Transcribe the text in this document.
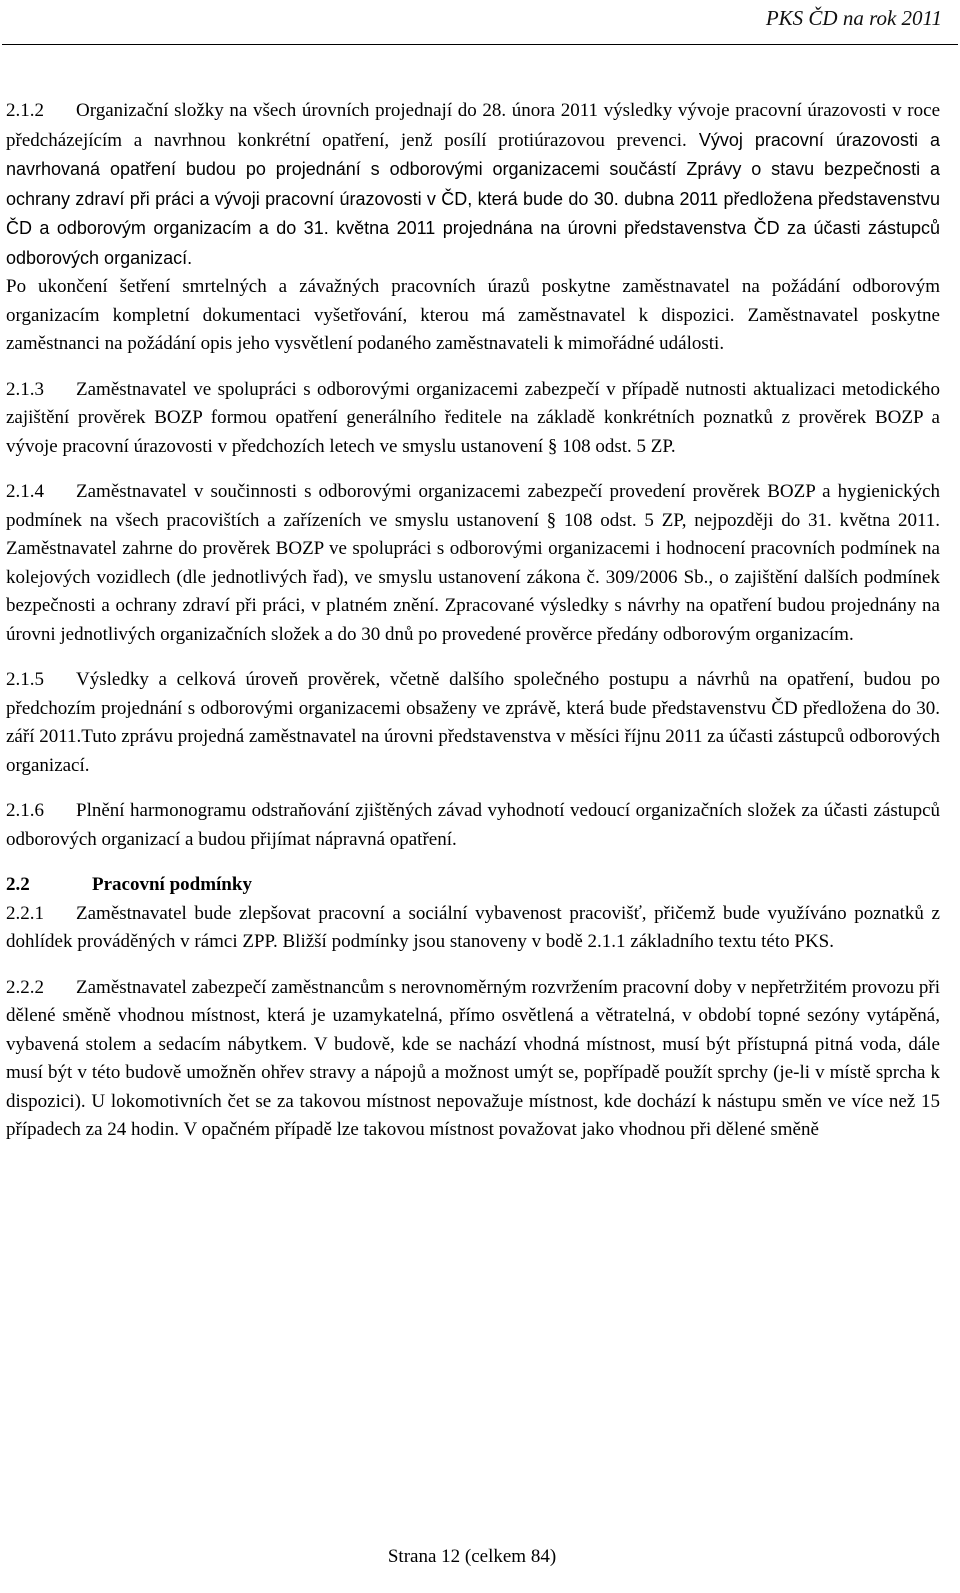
PKS ČD na rok 2011

2.1.2 Organizační složky na všech úrovních projednají do 28. února 2011 výsledky vývoje pracovní úrazovosti v roce předcházejícím a navrhnou konkrétní opatření, jenž posílí protiúrazovou prevenci. Vývoj pracovní úrazovosti a navrhovaná opatření budou po projednání s odborovými organizacemi součástí Zprávy o stavu bezpečnosti a ochrany zdraví při práci a vývoji pracovní úrazovosti v ČD, která bude do 30. dubna 2011 předložena představenstvu ČD a odborovým organizacím a do 31. května 2011 projednána na úrovni představenstva ČD za účasti zástupců odborových organizací.
Po ukončení šetření smrtelných a závažných pracovních úrazů poskytne zaměstnavatel na požádání odborovým organizacím kompletní dokumentaci vyšetřování, kterou má zaměstnavatel k dispozici. Zaměstnavatel poskytne zaměstnanci na požádání opis jeho vysvětlení podaného zaměstnavateli k mimořádné události.

2.1.3 Zaměstnavatel ve spolupráci s odborovými organizacemi zabezpečí v případě nutnosti aktualizaci metodického zajištění prověrek BOZP formou opatření generálního ředitele na základě konkrétních poznatků z prověrek BOZP a vývoje pracovní úrazovosti v předchozích letech ve smyslu ustanovení § 108 odst. 5 ZP.

2.1.4 Zaměstnavatel v součinnosti s odborovými organizacemi zabezpečí provedení prověrek BOZP a hygienických podmínek na všech pracovištích a zařízeních ve smyslu ustanovení § 108 odst. 5 ZP, nejpozději do 31. května 2011. Zaměstnavatel zahrne do prověrek BOZP ve spolupráci s odborovými organizacemi i hodnocení pracovních podmínek na kolejových vozidlech (dle jednotlivých řad), ve smyslu ustanovení zákona č. 309/2006 Sb., o zajištění dalších podmínek bezpečnosti a ochrany zdraví při práci, v platném znění. Zpracované výsledky s návrhy na opatření budou projednány na úrovni jednotlivých organizačních složek a do 30 dnů po provedené prověrce předány odborovým organizacím.

2.1.5 Výsledky a celková úroveň prověrek, včetně dalšího společného postupu a návrhů na opatření, budou po předchozím projednání s odborovými organizacemi obsaženy ve zprávě, která bude představenstvu ČD předložena do 30. září 2011.Tuto zprávu projedná zaměstnavatel na úrovni představenstva v měsíci říjnu 2011 za účasti zástupců odborových organizací.

2.1.6 Plnění harmonogramu odstraňování zjištěných závad vyhodnotí vedoucí organizačních složek za účasti zástupců odborových organizací a budou přijímat nápravná opatření.

2.2	Pracovní podmínky

2.2.1 Zaměstnavatel bude zlepšovat pracovní a sociální vybavenost pracovišť, přičemž bude využíváno poznatků z dohlídek prováděných v rámci ZPP. Bližší podmínky jsou stanoveny v bodě 2.1.1 základního textu této PKS.

2.2.2 Zaměstnavatel zabezpečí zaměstnancům s nerovnoměrným rozvržením pracovní doby v nepřetržitém provozu při dělené směně vhodnou místnost, která je uzamykatelná, přímo osvětlená a větratelná, v období topné sezóny vytápěná, vybavená stolem a sedacím nábytkem. V budově, kde se nachází vhodná místnost, musí být přístupná pitná voda, dále musí být v této budově umožněn ohřev stravy a nápojů a možnost umýt se, popřípadě použít sprchy (je-li v místě sprcha k dispozici). U lokomotivních čet se za takovou místnost nepovažuje místnost, kde dochází k nástupu směn ve více než 15 případech za 24 hodin. V opačném případě lze takovou místnost považovat jako vhodnou při dělené směně

Strana 12 (celkem 84)
